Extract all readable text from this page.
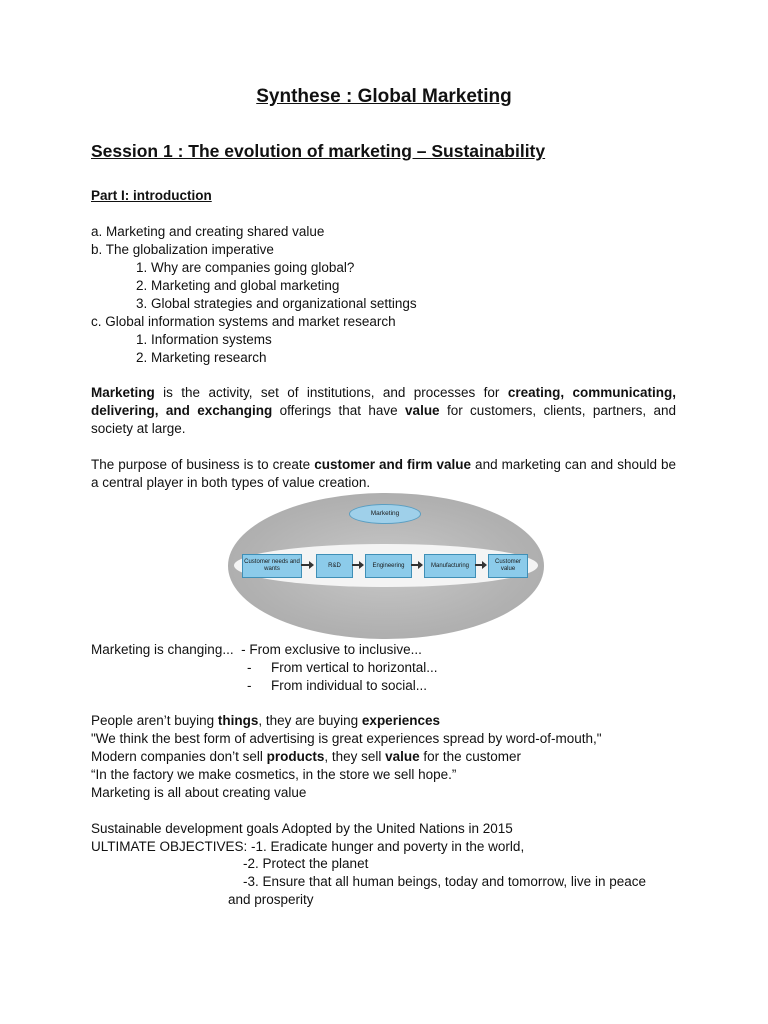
Synthese : Global Marketing
Session 1 : The evolution of marketing – Sustainability
Part I: introduction
a. Marketing and creating shared value
b. The globalization imperative
1. Why are companies going global?
2. Marketing and global marketing
3. Global strategies and organizational settings
c. Global information systems and market research
1. Information systems
2. Marketing research
Marketing is the activity, set of institutions, and processes for creating, communicating, delivering, and exchanging offerings that have value for customers, clients, partners, and society at large.
The purpose of business is to create customer and firm value and marketing can and should be a central player in both types of value creation.
Marketing
Customer needs and wants
R&D	Engineering	Manufacturing
Customer value
Marketing is changing... - From exclusive to inclusive...
- From vertical to horizontal...
- From individual to social...
People aren’t buying things, they are buying experiences
"We think the best form of advertising is great experiences spread by word-of-mouth,"
Modern companies don’t sell products, they sell value for the customer
“In the factory we make cosmetics, in the store we sell hope.”
Marketing is all about creating value
Sustainable development goals Adopted by the United Nations in 2015
ULTIMATE OBJECTIVES: -1. Eradicate hunger and poverty in the world,
-2. Protect the planet
-3. Ensure that all human beings, today and tomorrow, live in peace
and prosperity
